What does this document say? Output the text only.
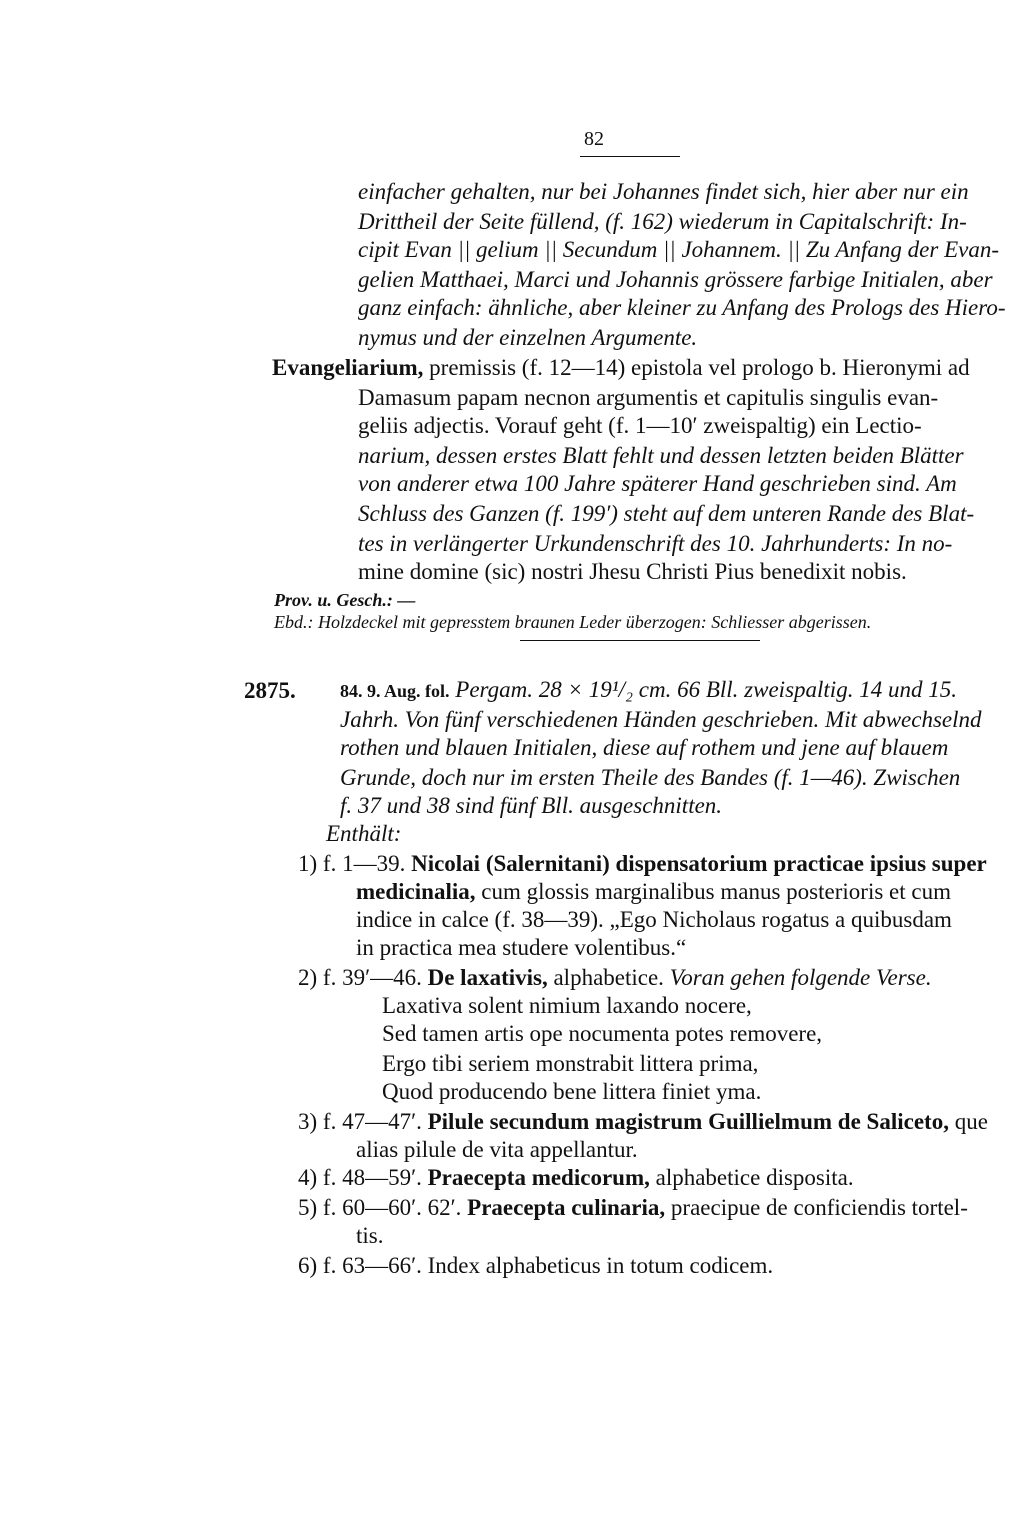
82
einfacher gehalten, nur bei Johannes findet sich, hier aber nur ein
Drittheil der Seite füllend, (f. 162) wiederum in Capitalschrift: In-
cipit Evan || gelium || Secundum || Johannem. || Zu Anfang der Evan-
gelien Matthaei, Marci und Johannis grössere farbige Initialen, aber
ganz einfach: ähnliche, aber kleiner zu Anfang des Prologs des Hiero-
nymus und der einzelnen Argumente.
Evangeliarium, premissis (f. 12—14) epistola vel prologo b. Hieronymi ad
Damasum papam necnon argumentis et capitulis singulis evan-
geliis adjectis. Vorauf geht (f. 1—10′ zweispaltig) ein Lectio-
narium, dessen erstes Blatt fehlt und dessen letzten beiden Blätter
von anderer etwa 100 Jahre späterer Hand geschrieben sind. Am
Schluss des Ganzen (f. 199′) steht auf dem unteren Rande des Blat-
tes in verlängerter Urkundenschrift des 10. Jahrhunderts: In no-
mine domine (sic) nostri Jhesu Christi Pius benedixit nobis.
Prov. u. Gesch.: —
Ebd.: Holzdeckel mit gepresstem braunen Leder überzogen: Schliesser abgerissen.
2875. 84. 9. Aug. fol. Pergam. 28 × 19¹/₂ cm. 66 Bll. zweispaltig. 14 und 15.
Jahrh. Von fünf verschiedenen Händen geschrieben. Mit abwechselnd
rothen und blauen Initialen, diese auf rothem und jene auf blauem
Grunde, doch nur im ersten Theile des Bandes (f. 1—46). Zwischen
f. 37 und 38 sind fünf Bll. ausgeschnitten.
Enthält:
1) f. 1—39. Nicolai (Salernitani) dispensatorium practicae ipsius super
medicinalia, cum glossis marginalibus manus posterioris et cum
indice in calce (f. 38—39). „Ego Nicholaus rogatus a quibusdam
in practica mea studere volentibus.“
2) f. 39′—46. De laxativis, alphabetice. Voran gehen folgende Verse.
Laxativa solent nimium laxando nocere,
Sed tamen artis ope nocumenta potes removere,
Ergo tibi seriem monstrabit littera prima,
Quod producendo bene littera finiet yma.
3) f. 47—47′. Pilule secundum magistrum Guillielmum de Saliceto, que
alias pilule de vita appellantur.
4) f. 48—59′. Praecepta medicorum, alphabetice disposita.
5) f. 60—60′. 62′. Praecepta culinaria, praecipue de conficiendis tortel-
tis.
6) f. 63—66′. Index alphabeticus in totum codicem.
